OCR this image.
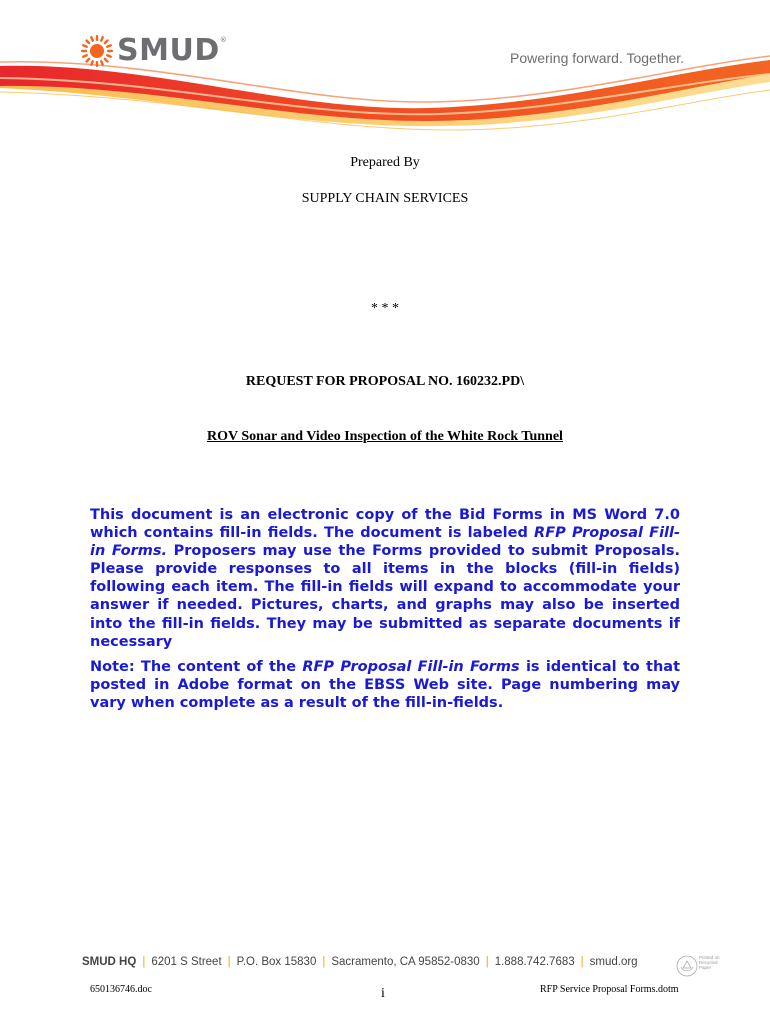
SMUD ®
Powering forward. Together.
Prepared By
SUPPLY CHAIN SERVICES
* * *
REQUEST FOR PROPOSAL NO. 160232.PD\
ROV Sonar and Video Inspection of the White Rock Tunnel

This document is an electronic copy of the Bid Forms in MS Word 7.0 which contains fill-in fields. The document is labeled RFP Proposal Fill-in Forms. Proposers may use the Forms provided to submit Proposals. Please provide responses to all items in the blocks (fill-in fields) following each item. The fill-in fields will expand to accommodate your answer if needed. Pictures, charts, and graphs may also be inserted into the fill-in fields. They may be submitted as separate documents if necessary

Note: The content of the RFP Proposal Fill-in Forms is identical to that posted in Adobe format on the EBSS Web site. Page numbering may vary when complete as a result of the fill-in-fields.

SMUD HQ | 6201 S Street | P.O. Box 15830 | Sacramento, CA 95852-0830 | 1.888.742.7683 | smud.org	Printed on Recycled Paper
650136746.doc	i	RFP Service Proposal Forms.dotm
